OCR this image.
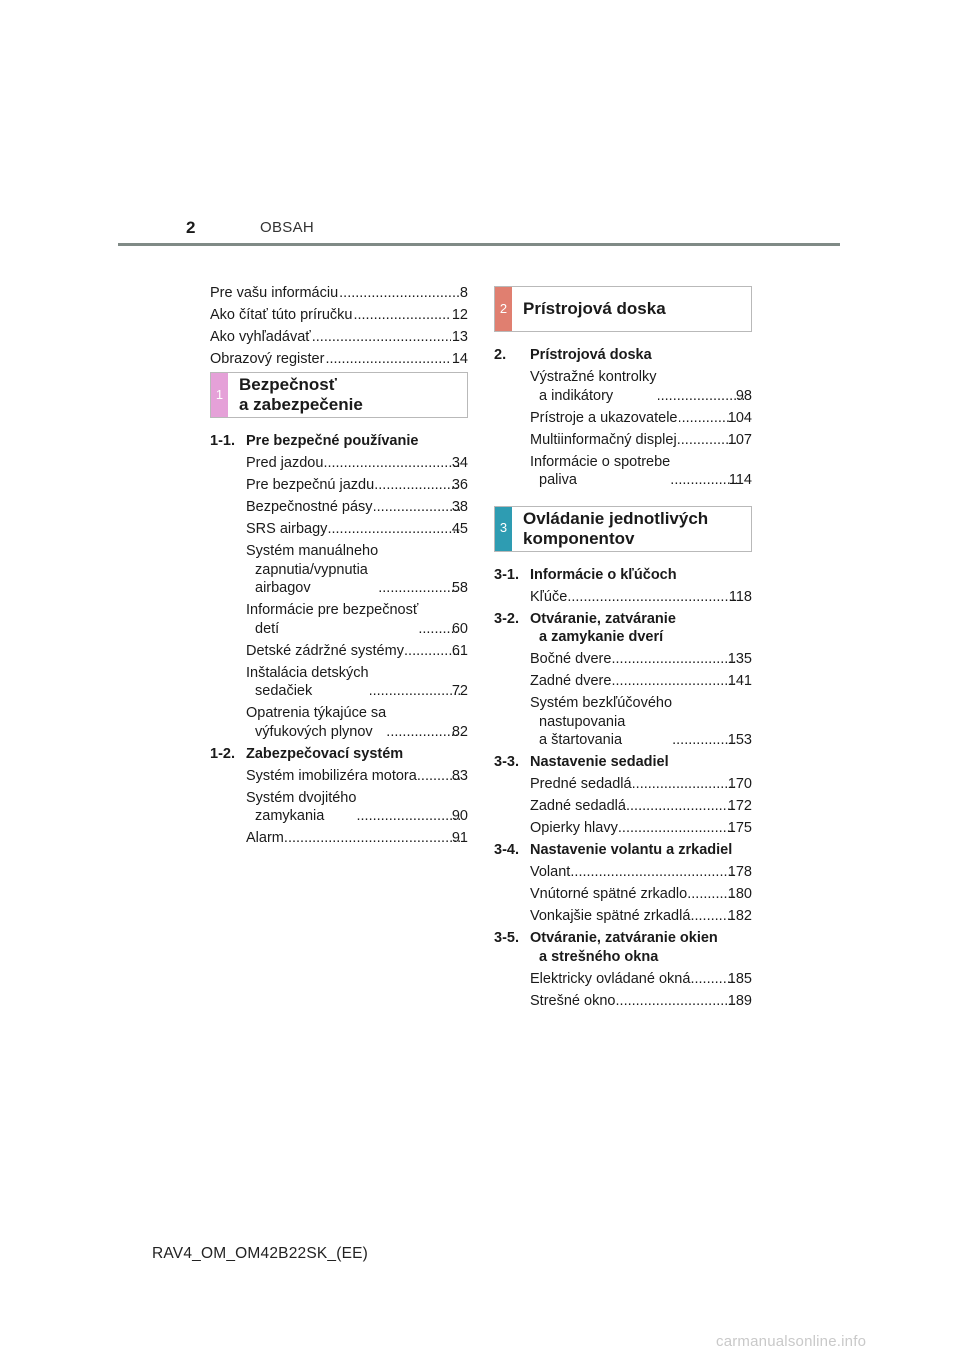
2	OBSAH
Pre vašu informáciu .....	8
Ako čítať túto príručku .....	12
Ako vyhľadávať .....	13
Obrazový register .....	14
1
Bezpečnosť
a zabezpečenie
1-1. Pre bezpečné používanie
Pred jazdou .....	34
Pre bezpečnú jazdu .....	36
Bezpečnostné pásy .....	38
SRS airbagy .....	45
Systém manuálneho
zapnutia/vypnutia
airbagov .....	58
Informácie pre bezpečnosť
detí .....	60
Detské zádržné systémy .....	61
Inštalácia detských
sedačiek .....	72
Opatrenia týkajúce sa
výfukových plynov .....	82
1-2. Zabezpečovací systém
Systém imobilizéra motora ..... 83
Systém dvojitého
zamykania .....	90
Alarm .....	91
2 Prístrojová doska
2.	Prístrojová doska
Výstražné kontrolky
a indikátory .....	98
Prístroje a ukazovatele .....	104
Multiinformačný displej .....	107
Informácie o spotrebe
paliva .....	114
3
Ovládanie jednotlivých
komponentov
3-1. Informácie o kľúčoch
Kľúče .....	118
3-2. Otváranie, zatváranie
a zamykanie dverí
Bočné dvere .....	135
Zadné dvere .....	141
Systém bezkľúčového
nastupovania
a štartovania .....	153
3-3. Nastavenie sedadiel
Predné sedadlá .....	170
Zadné sedadlá .....	172
Opierky hlavy .....	175
3-4. Nastavenie volantu a zrkadiel
Volant .....	178
Vnútorné spätné zrkadlo .....	180
Vonkajšie spätné zrkadlá .....	182
3-5. Otváranie, zatváranie okien
a strešného okna
Elektricky ovládané okná .....	185
Strešné okno .....	189
RAV4_OM_OM42B22SK_(EE)
carmanualsonline.info
